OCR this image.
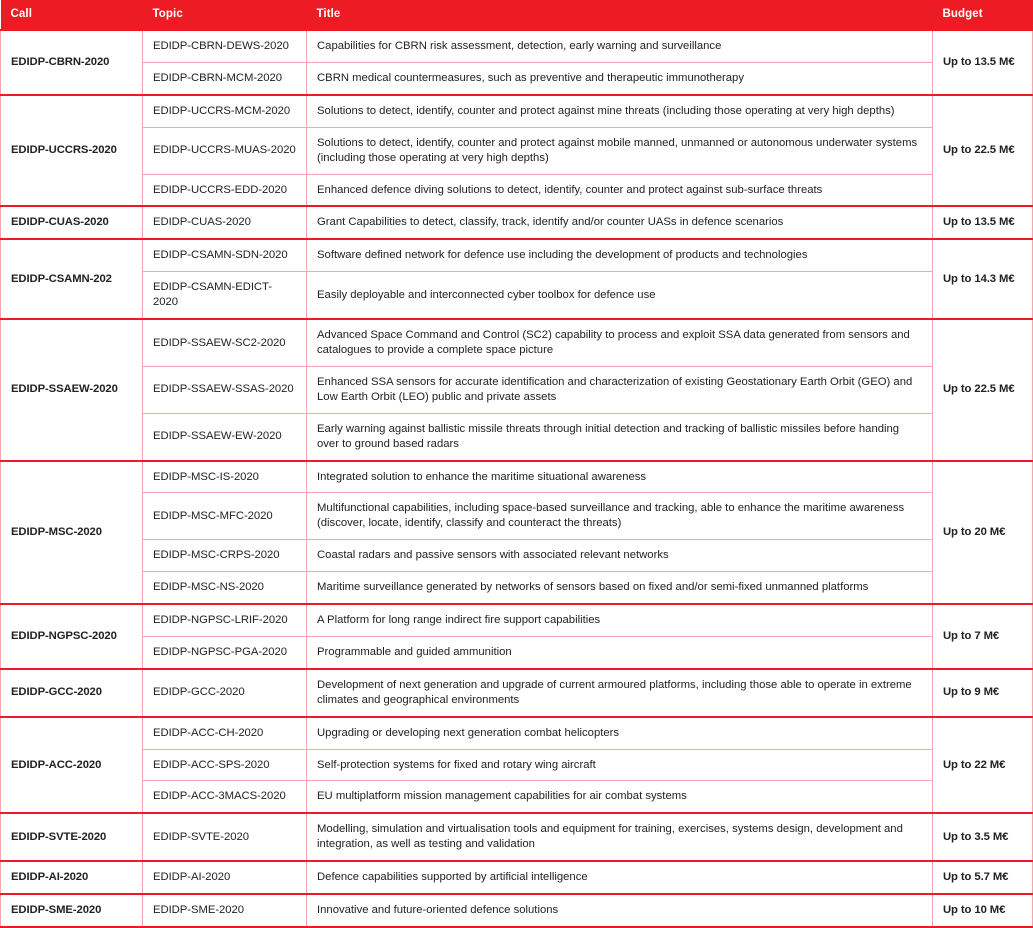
Call	Topic	Title	Budget
EDIDP-CBRN-2020	EDIDP-CBRN-DEWS-2020	Capabilities for CBRN risk assessment, detection, early warning and surveillance	Up to 13.5 M€
	EDIDP-CBRN-MCM-2020	CBRN medical countermeasures, such as preventive and therapeutic immunotherapy	
EDIDP-UCCRS-2020	EDIDP-UCCRS-MCM-2020	Solutions to detect, identify, counter and protect against mine threats (including those operating at very high depths)	Up to 22.5 M€
	EDIDP-UCCRS-MUAS-2020	Solutions to detect, identify, counter and protect against mobile manned, unmanned or autonomous underwater systems (including those operating at very high depths)	
	EDIDP-UCCRS-EDD-2020	Enhanced defence diving solutions to detect, identify, counter and protect against sub-surface threats	
EDIDP-CUAS-2020	EDIDP-CUAS-2020	Grant Capabilities to detect, classify, track, identify and/or counter UASs in defence scenarios	Up to 13.5 M€
EDIDP-CSAMN-202	EDIDP-CSAMN-SDN-2020	Software defined network for defence use including the development of products and technologies	Up to 14.3 M€
	EDIDP-CSAMN-EDICT-2020	Easily deployable and interconnected cyber toolbox for defence use	
EDIDP-SSAEW-2020	EDIDP-SSAEW-SC2-2020	Advanced Space Command and Control (SC2) capability to process and exploit SSA data generated from sensors and catalogues to provide a complete space picture	Up to 22.5 M€
	EDIDP-SSAEW-SSAS-2020	Enhanced SSA sensors for accurate identification and characterization of existing Geostationary Earth Orbit (GEO) and Low Earth Orbit (LEO) public and private assets	
	EDIDP-SSAEW-EW-2020	Early warning against ballistic missile threats through initial detection and tracking of ballistic missiles before handing over to ground based radars	
EDIDP-MSC-2020	EDIDP-MSC-IS-2020	Integrated solution to enhance the maritime situational awareness	Up to 20 M€
	EDIDP-MSC-MFC-2020	Multifunctional capabilities, including space-based surveillance and tracking, able to enhance the maritime awareness (discover, locate, identify, classify and counteract the threats)	
	EDIDP-MSC-CRPS-2020	Coastal radars and passive sensors with associated relevant networks	
	EDIDP-MSC-NS-2020	Maritime surveillance generated by networks of sensors based on fixed and/or semi-fixed unmanned platforms	
EDIDP-NGPSC-2020	EDIDP-NGPSC-LRIF-2020	A Platform for long range indirect fire support capabilities	Up to 7 M€
	EDIDP-NGPSC-PGA-2020	Programmable and guided ammunition	
EDIDP-GCC-2020	EDIDP-GCC-2020	Development of next generation and upgrade of current armoured platforms, including those able to operate in extreme climates and geographical environments	Up to 9 M€
EDIDP-ACC-2020	EDIDP-ACC-CH-2020	Upgrading or developing next generation combat helicopters	Up to 22 M€
	EDIDP-ACC-SPS-2020	Self-protection systems for fixed and rotary wing aircraft	
	EDIDP-ACC-3MACS-2020	EU multiplatform mission management capabilities for air combat systems	
EDIDP-SVTE-2020	EDIDP-SVTE-2020	Modelling, simulation and virtualisation tools and equipment for training, exercises, systems design, development and integration, as well as testing and validation	Up to 3.5 M€
EDIDP-AI-2020	EDIDP-AI-2020	Defence capabilities supported by artificial intelligence	Up to 5.7 M€
EDIDP-SME-2020	EDIDP-SME-2020	Innovative and future-oriented defence solutions	Up to 10 M€
